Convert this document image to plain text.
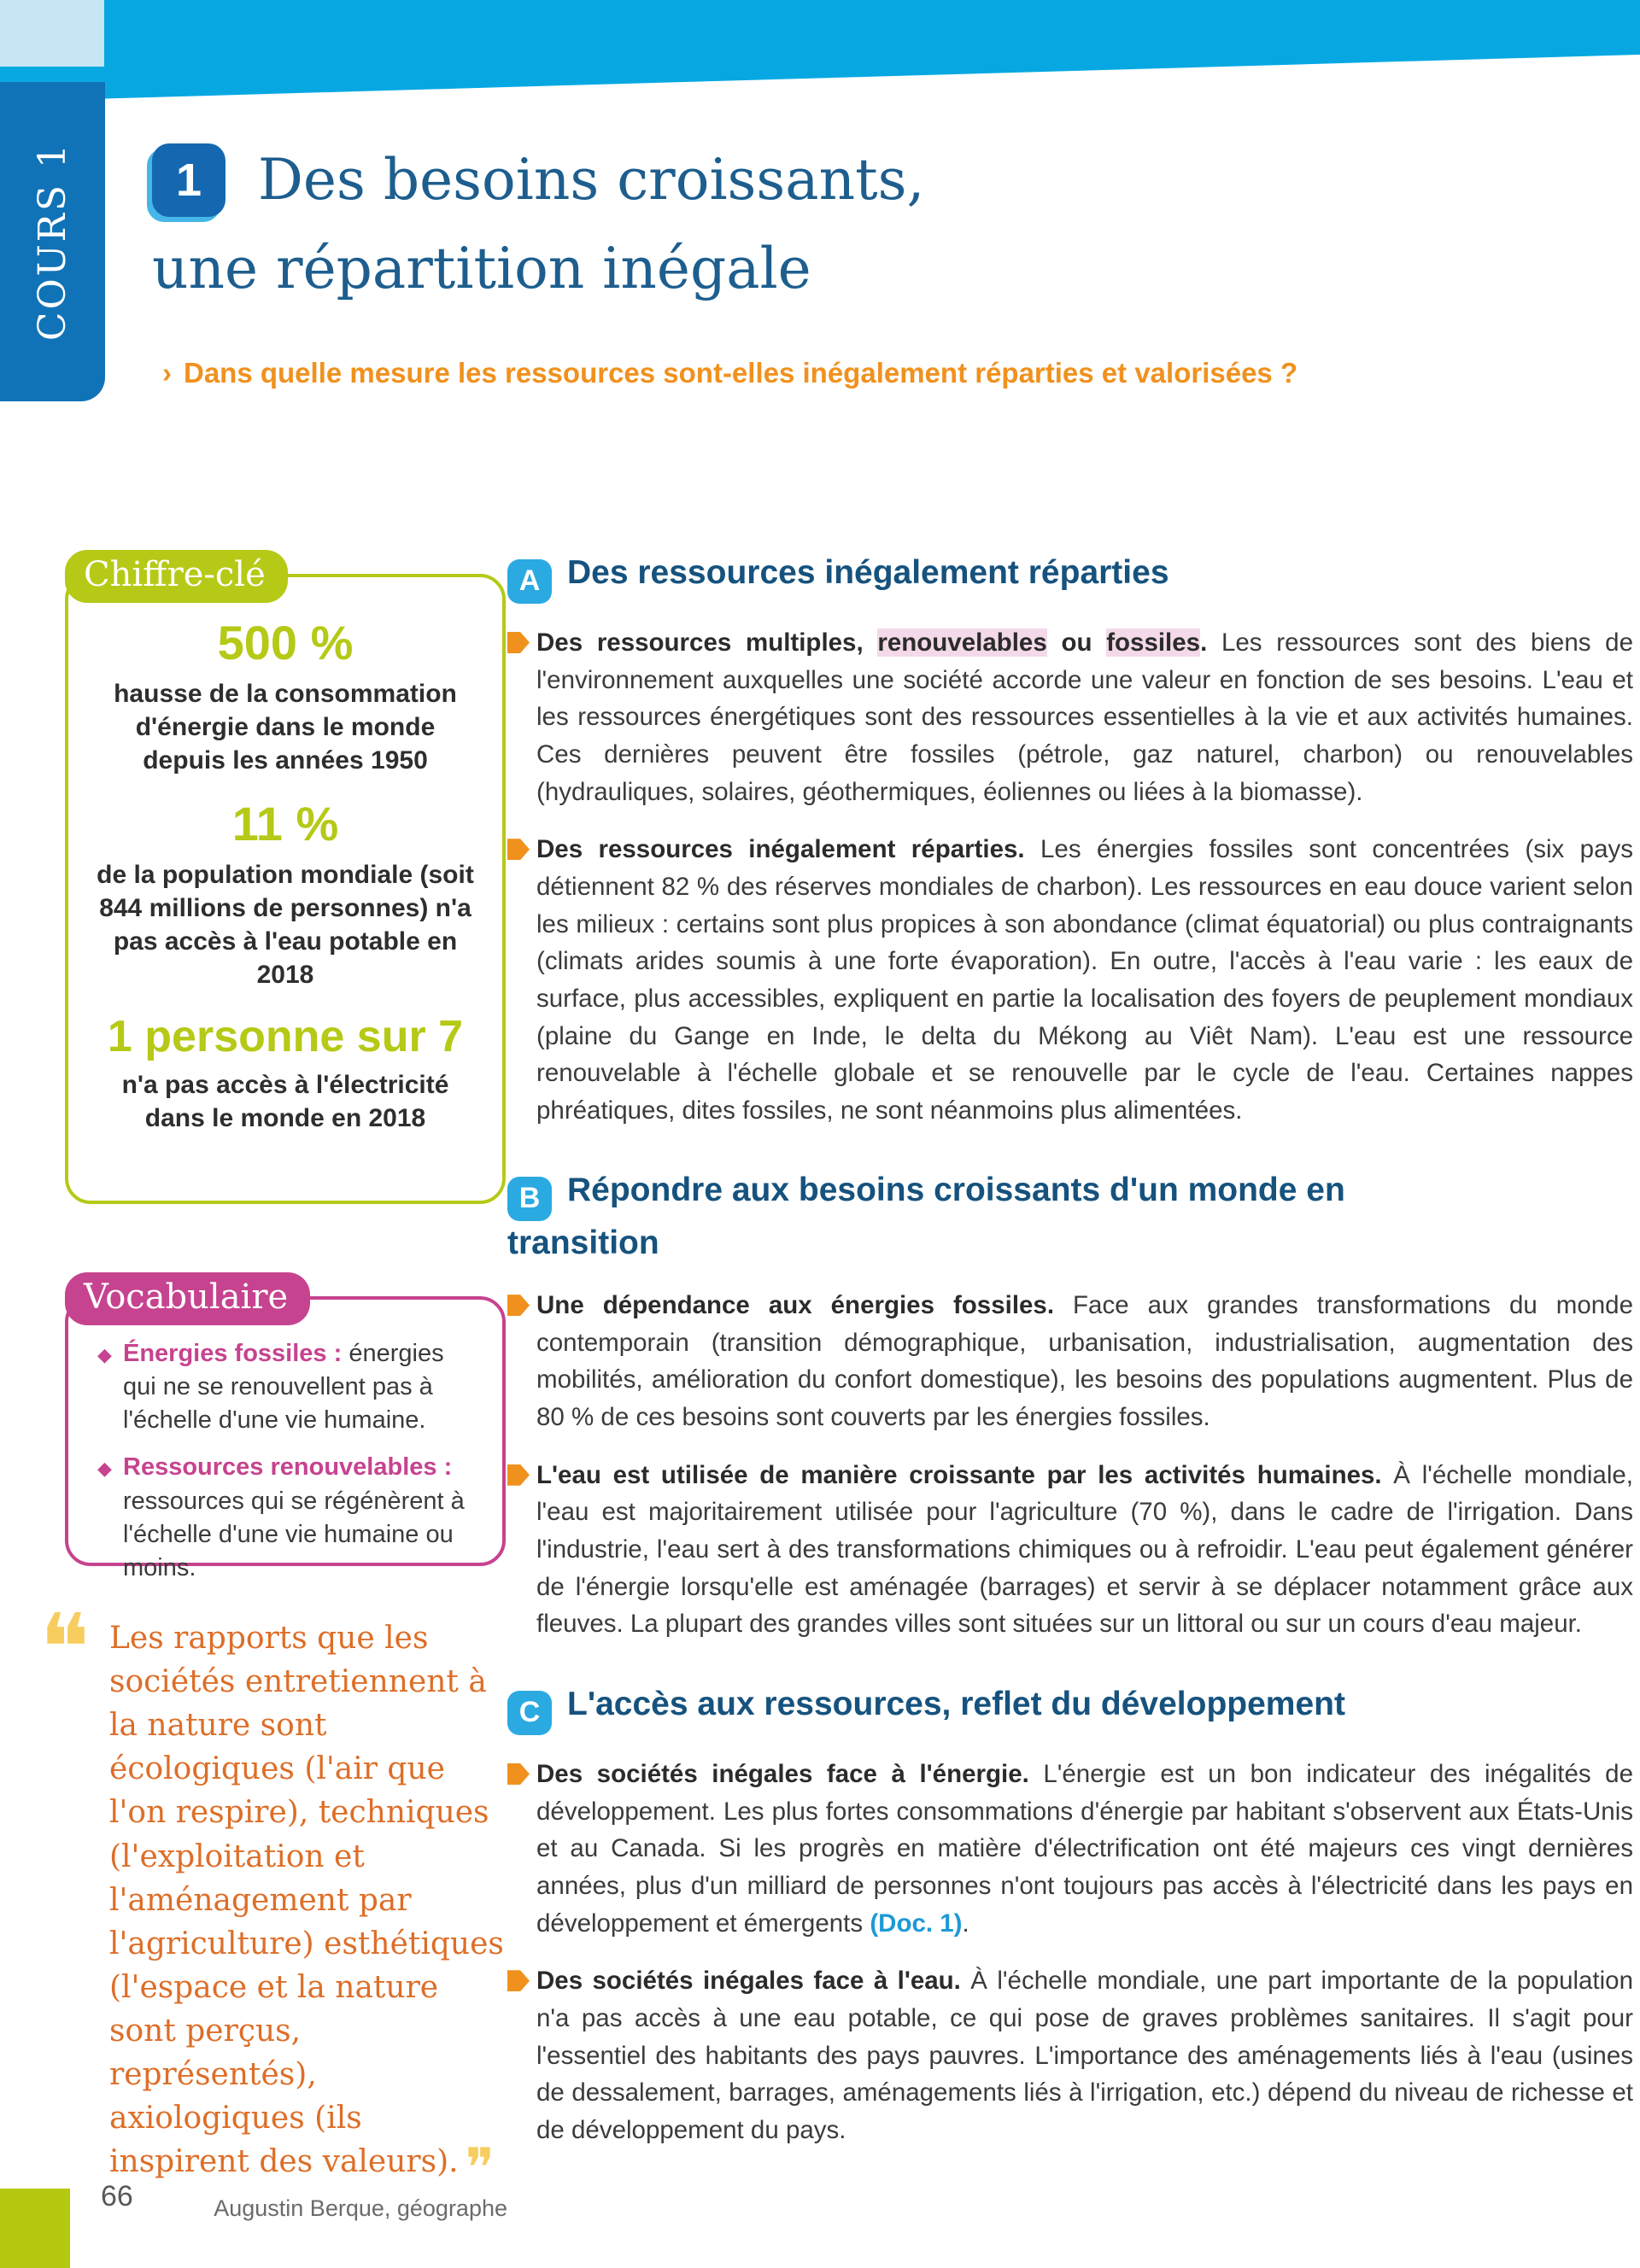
COURS 1	1 Des besoins croissants,
une répartition inégale
› Dans quelle mesure les ressources sont-elles inégalement réparties et valorisées ?
Chiffre-clé
500 %
hausse de la consommation d'énergie dans le monde depuis les années 1950
11 %
de la population mondiale (soit 844 millions de personnes) n'a pas accès à l'eau potable en 2018
1 personne sur 7
n'a pas accès à l'électricité dans le monde en 2018
Vocabulaire
◆ Énergies fossiles : énergies qui ne se renouvellent pas à l'échelle d'une vie humaine.
◆ Ressources renouvelables : ressources qui se régénèrent à l'échelle d'une vie humaine ou moins.
❝ Les rapports que les sociétés entretiennent à la nature sont écologiques (l'air que l'on respire), techniques (l'exploitation et l'aménagement par l'agriculture) esthétiques (l'espace et la nature sont perçus, représentés), axiologiques (ils inspirent des valeurs). ❞
Augustin Berque, géographe
A Des ressources inégalement réparties
Des ressources multiples, renouvelables ou fossiles. Les ressources sont des biens de l'environnement auxquelles une société accorde une valeur en fonction de ses besoins. L'eau et les ressources énergétiques sont des ressources essentielles à la vie et aux activités humaines. Ces dernières peuvent être fossiles (pétrole, gaz naturel, charbon) ou renouvelables (hydrauliques, solaires, géothermiques, éoliennes ou liées à la biomasse).
Des ressources inégalement réparties. Les énergies fossiles sont concentrées (six pays détiennent 82 % des réserves mondiales de charbon). Les ressources en eau douce varient selon les milieux : certains sont plus propices à son abondance (climat équatorial) ou plus contraignants (climats arides soumis à une forte évaporation). En outre, l'accès à l'eau varie : les eaux de surface, plus accessibles, expliquent en partie la localisation des foyers de peuplement mondiaux (plaine du Gange en Inde, le delta du Mékong au Viêt Nam). L'eau est une ressource renouvelable à l'échelle globale et se renouvelle par le cycle de l'eau. Certaines nappes phréatiques, dites fossiles, ne sont néanmoins plus alimentées.
B Répondre aux besoins croissants d'un monde en transition
Une dépendance aux énergies fossiles. Face aux grandes transformations du monde contemporain (transition démographique, urbanisation, industrialisation, augmentation des mobilités, amélioration du confort domestique), les besoins des populations augmentent. Plus de 80 % de ces besoins sont couverts par les énergies fossiles.
L'eau est utilisée de manière croissante par les activités humaines. À l'échelle mondiale, l'eau est majoritairement utilisée pour l'agriculture (70 %), dans le cadre de l'irrigation. Dans l'industrie, l'eau sert à des transformations chimiques ou à refroidir. L'eau peut également générer de l'énergie lorsqu'elle est aménagée (barrages) et servir à se déplacer notamment grâce aux fleuves. La plupart des grandes villes sont situées sur un littoral ou sur un cours d'eau majeur.
C L'accès aux ressources, reflet du développement
Des sociétés inégales face à l'énergie. L'énergie est un bon indicateur des inégalités de développement. Les plus fortes consommations d'énergie par habitant s'observent aux États-Unis et au Canada. Si les progrès en matière d'électrification ont été majeurs ces vingt dernières années, plus d'un milliard de personnes n'ont toujours pas accès à l'électricité dans les pays en développement et émergents (Doc. 1).
Des sociétés inégales face à l'eau. À l'échelle mondiale, une part importante de la population n'a pas accès à une eau potable, ce qui pose de graves problèmes sanitaires. Il s'agit pour l'essentiel des habitants des pays pauvres. L'importance des aménagements liés à l'eau (usines de dessalement, barrages, aménagements liés à l'irrigation, etc.) dépend du niveau de richesse et de développement du pays.
66
